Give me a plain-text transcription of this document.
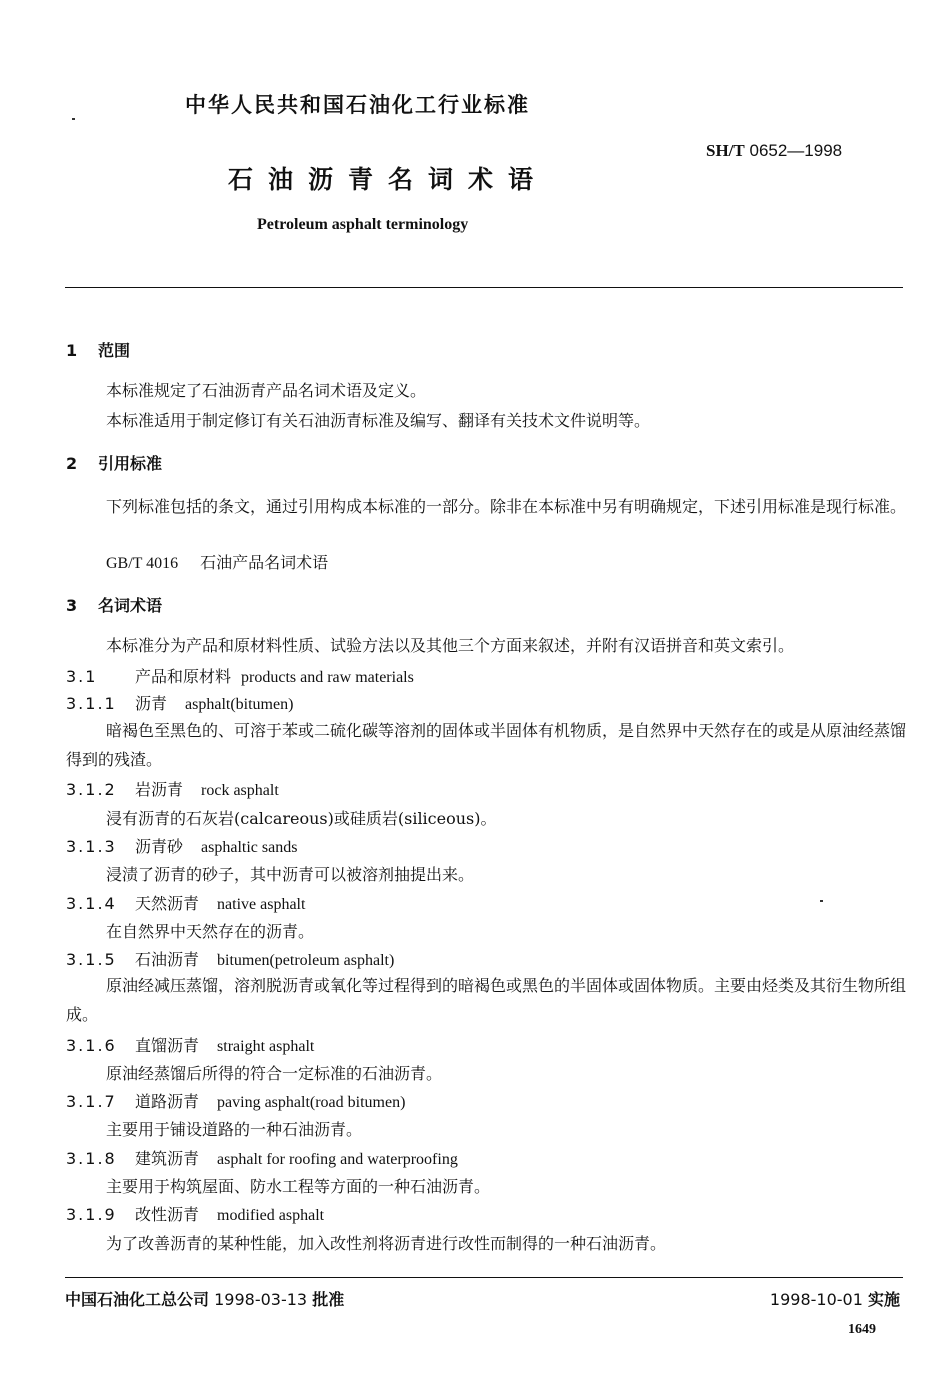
中华人民共和国石油化工行业标准
SH/T 0652—1998
石油沥青名词术语
Petroleum asphalt terminology
1 范围
本标准规定了石油沥青产品名词术语及定义。
本标准适用于制定修订有关石油沥青标准及编写、翻译有关技术文件说明等。
2 引用标准
下列标准包括的条文，通过引用构成本标准的一部分。除非在本标准中另有明确规定，下述引用标准是现行标准。
GB/T 4016 石油产品名词术语
3 名词术语
本标准分为产品和原材料性质、试验方法以及其他三个方面来叙述，并附有汉语拼音和英文索引。
3.1 产品和原材料 products and raw materials
3.1.1 沥青 asphalt(bitumen)
暗褐色至黑色的、可溶于苯或二硫化碳等溶剂的固体或半固体有机物质，是自然界中天然存在的或是从原油经蒸馏得到的残渣。
3.1.2 岩沥青 rock asphalt
浸有沥青的石灰岩(calcareous)或硅质岩(siliceous)。
3.1.3 沥青砂 asphaltic sands
浸渍了沥青的砂子，其中沥青可以被溶剂抽提出来。
3.1.4 天然沥青 native asphalt
在自然界中天然存在的沥青。
3.1.5 石油沥青 bitumen(petroleum asphalt)
原油经减压蒸馏，溶剂脱沥青或氧化等过程得到的暗褐色或黑色的半固体或固体物质。主要由烃类及其衍生物所组成。
3.1.6 直馏沥青 straight asphalt
原油经蒸馏后所得的符合一定标准的石油沥青。
3.1.7 道路沥青 paving asphalt(road bitumen)
主要用于铺设道路的一种石油沥青。
3.1.8 建筑沥青 asphalt for roofing and waterproofing
主要用于构筑屋面、防水工程等方面的一种石油沥青。
3.1.9 改性沥青 modified asphalt
为了改善沥青的某种性能，加入改性剂将沥青进行改性而制得的一种石油沥青。
中国石油化工总公司 1998-03-13 批准	1998-10-01 实施
1649
